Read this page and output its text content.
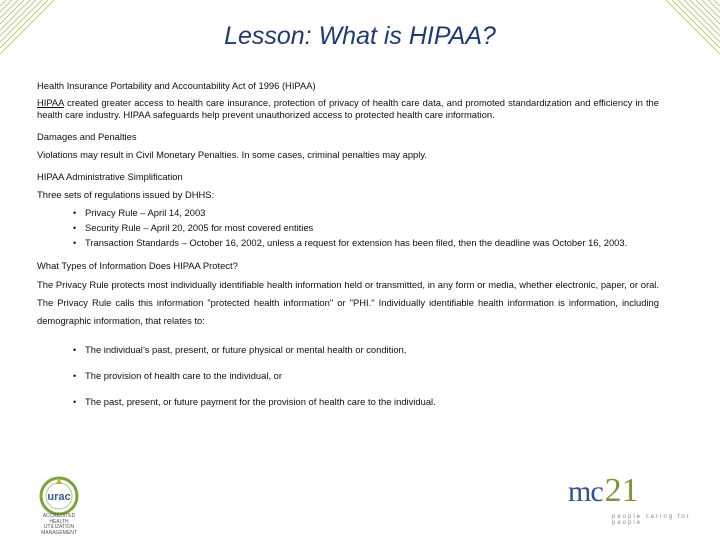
Lesson: What is HIPAA?

Health Insurance Portability and Accountability Act of 1996 (HIPAA)

HIPAA created greater access to health care insurance, protection of privacy of health care data, and promoted standardization and efficiency in the health care industry. HIPAA safeguards help prevent unauthorized access to protected health care information.

Damages and Penalties

Violations may result in Civil Monetary Penalties. In some cases, criminal penalties may apply.

HIPAA Administrative Simplification

Three sets of regulations issued by DHHS:

• Privacy Rule – April 14, 2003
• Security Rule – April 20, 2005 for most covered entities
• Transaction Standards – October 16, 2002, unless a request for extension has been filed, then the deadline was October 16, 2003.

What Types of Information Does HIPAA Protect?

The Privacy Rule protects most individually identifiable health information held or transmitted, in any form or media, whether electronic, paper, or oral. The Privacy Rule calls this information "protected health information" or "PHI." Individually identifiable health information is information, including demographic information, that relates to:

• The individual’s past, present, or future physical or mental health or condition,
• The provision of health care to the individual, or
• The past, present, or future payment for the provision of health care to the individual.
urac
ACCREDITED
HEALTH UTILIZATION
MANAGEMENT
mc21
people caring for people
